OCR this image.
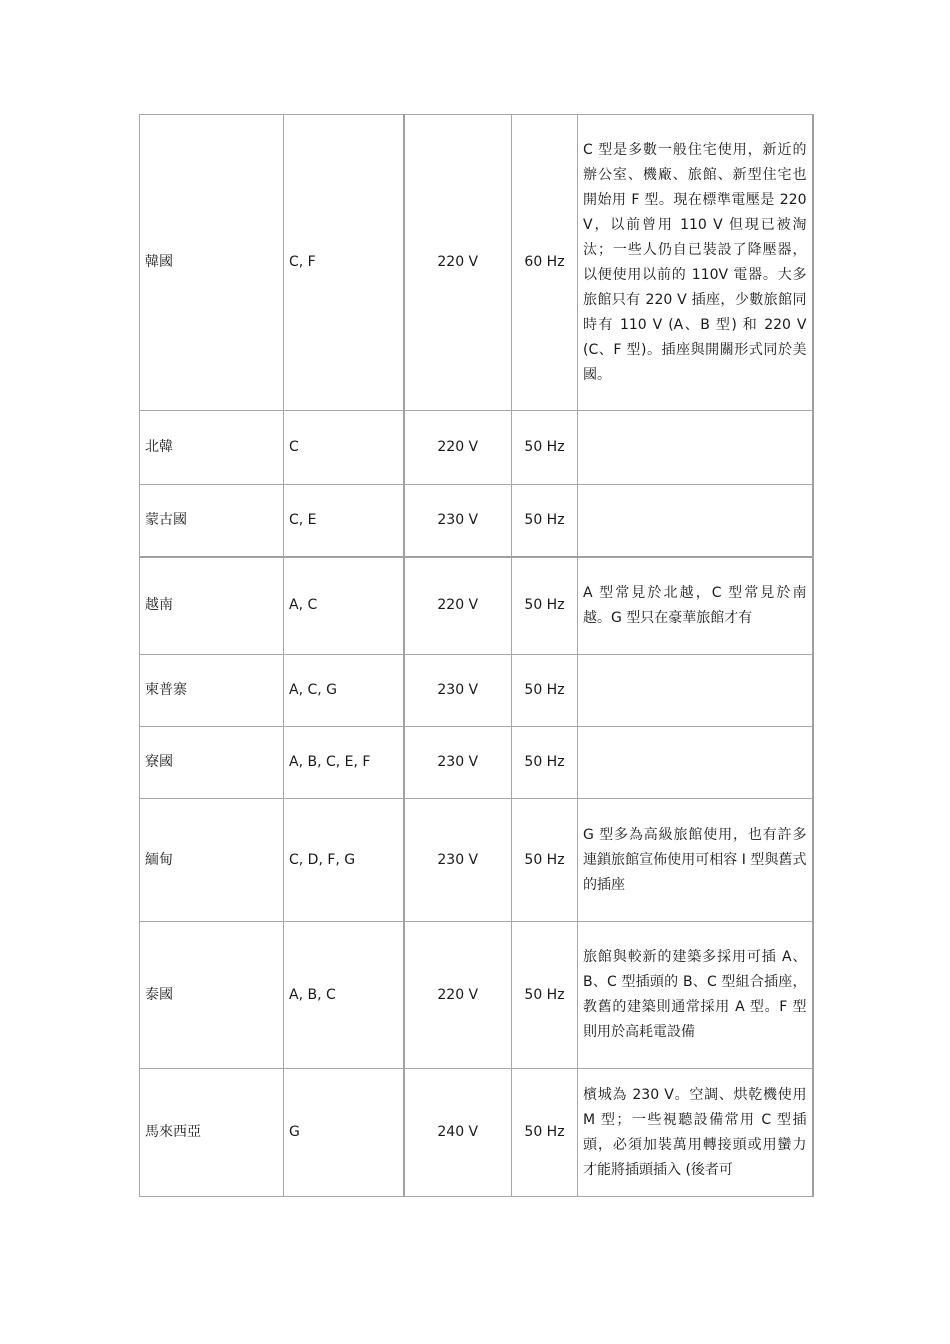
韓國	C, F	220 V	60 Hz	C 型是多數一般住宅使用，新近的辦公室、機廠、旅館、新型住宅也開始用 F 型。現在標準電壓是 220 V，以前曾用 110 V 但現已被淘汰；一些人仍自已裝設了降壓器，以便使用以前的 110V 電器。大多旅館只有 220 V 插座，少數旅館同時有 110 V (A、B 型) 和 220 V (C、F 型)。插座與開關形式同於美國。

北韓	C	220 V	50 Hz	

蒙古國	C, E	230 V	50 Hz	

越南	A, C	220 V	50 Hz	A 型常見於北越，C 型常見於南越。G 型只在豪華旅館才有

柬普寨	A, C, G	230 V	50 Hz	

寮國	A, B, C, E, F	230 V	50 Hz	

緬甸	C, D, F, G	230 V	50 Hz	G 型多為高級旅館使用，也有許多連鎖旅館宣佈使用可相容 I 型與舊式的插座

泰國	A, B, C	220 V	50 Hz	旅館與較新的建築多採用可插 A、B、C 型插頭的 B、C 型組合插座，教舊的建築則通常採用 A 型。F 型則用於高耗電設備

馬來西亞	G	240 V	50 Hz	檳城為 230 V。空調、烘乾機使用 M 型；一些視聽設備常用 C 型插頭，必須加裝萬用轉接頭或用蠻力才能將插頭插入 (後者可
